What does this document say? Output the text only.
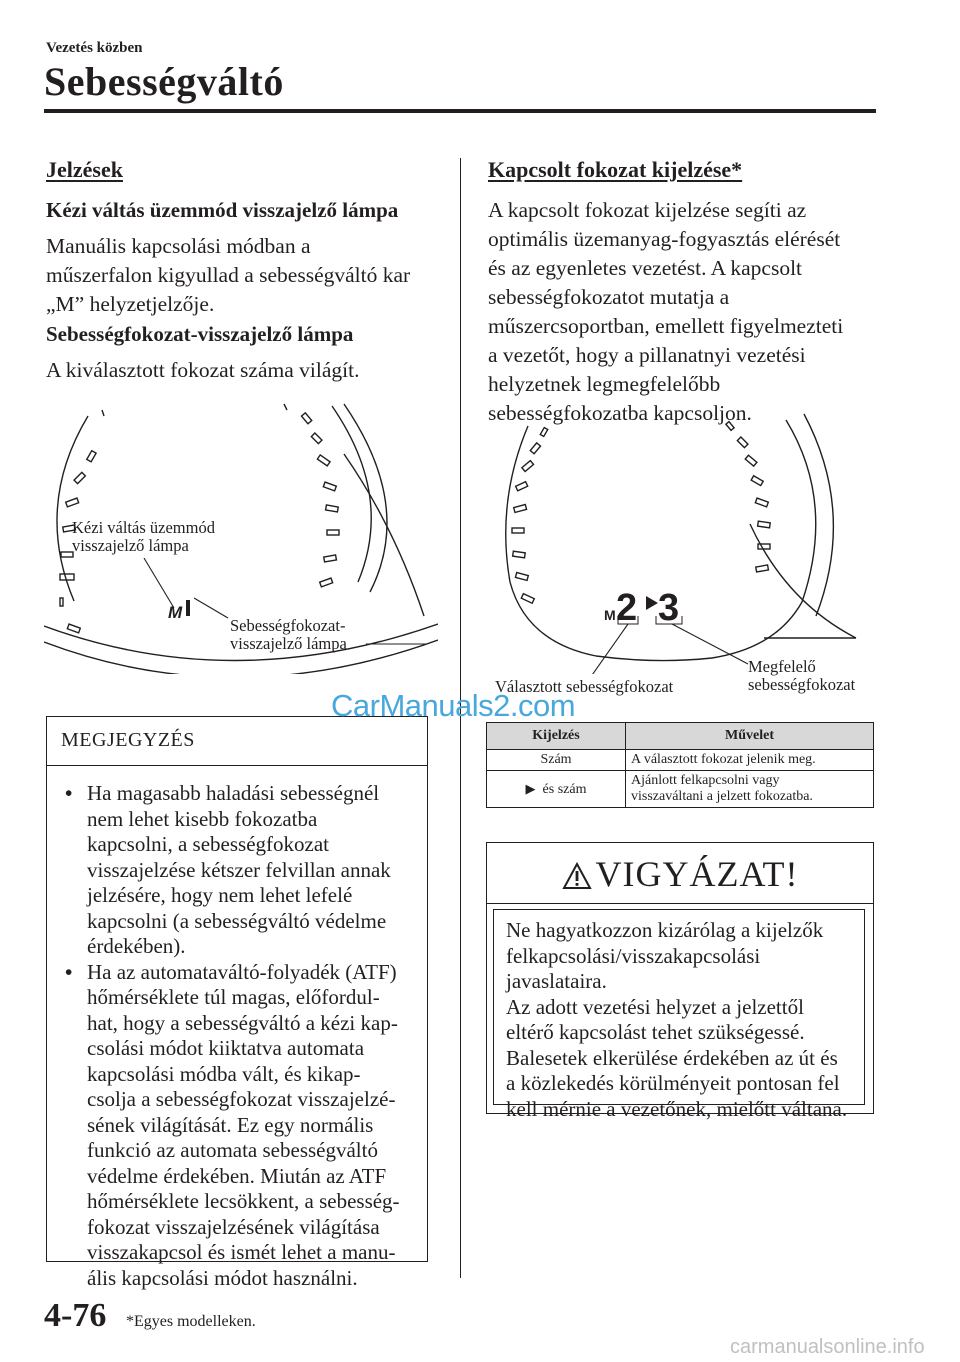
Vezetés közben
Sebességváltó
Jelzések
Kézi váltás üzemmód visszajelző lámpa
Manuális kapcsolási módban a
műszerfalon kigyullad a sebességváltó kar
„M” helyzetjelzője.
Sebességfokozat-visszajelző lámpa
A kiválasztott fokozat száma világít.
M
Kézi váltás üzemmód
visszajelző lámpa
Sebességfokozat-
visszajelző lámpa
MEGJEGYZÉS
• Ha magasabb haladási sebességnél
nem lehet kisebb fokozatba
kapcsolni, a sebességfokozat
visszajelzése kétszer felvillan annak
jelzésére, hogy nem lehet lefelé
kapcsolni (a sebességváltó védelme
érdekében).
• Ha az automataváltó-folyadék (ATF)
hőmérséklete túl magas, előfordul-
hat, hogy a sebességváltó a kézi kap-
csolási módot kiiktatva automata
kapcsolási módba vált, és kikap-
csolja a sebességfokozat visszajelzé-
sének világítását. Ez egy normális
funkció az automata sebességváltó
védelme érdekében. Miután az ATF
hőmérséklete lecsökkent, a sebesség-
fokozat visszajelzésének világítása
visszakapcsol és ismét lehet a manu-
ális kapcsolási módot használni.
CarManuals2.com
Kapcsolt fokozat kijelzése*
A kapcsolt fokozat kijelzése segíti az
optimális üzemanyag-fogyasztás elérését
és az egyenletes vezetést. A kapcsolt
sebességfokozatot mutatja a
műszercsoportban, emellett figyelmezteti
a vezetőt, hogy a pillanatnyi vezetési
helyzetnek legmegfelelőbb
sebességfokozatba kapcsoljon.
M 2 3
Választott sebességfokozat
Megfelelő
sebességfokozat
Kijelzés	Művelet
Szám	A választott fokozat jelenik meg.
▶ és szám	Ajánlott felkapcsolni vagy
visszaváltani a jelzett fokozatba.
VIGYÁZAT!
Ne hagyatkozzon kizárólag a kijelzők
felkapcsolási/visszakapcsolási
javaslataira.
Az adott vezetési helyzet a jelzettől
eltérő kapcsolást tehet szükségessé.
Balesetek elkerülése érdekében az út és
a közlekedés körülményeit pontosan fel
kell mérnie a vezetőnek, mielőtt váltana.
4-76 *Egyes modelleken.
carmanualsonline.info
